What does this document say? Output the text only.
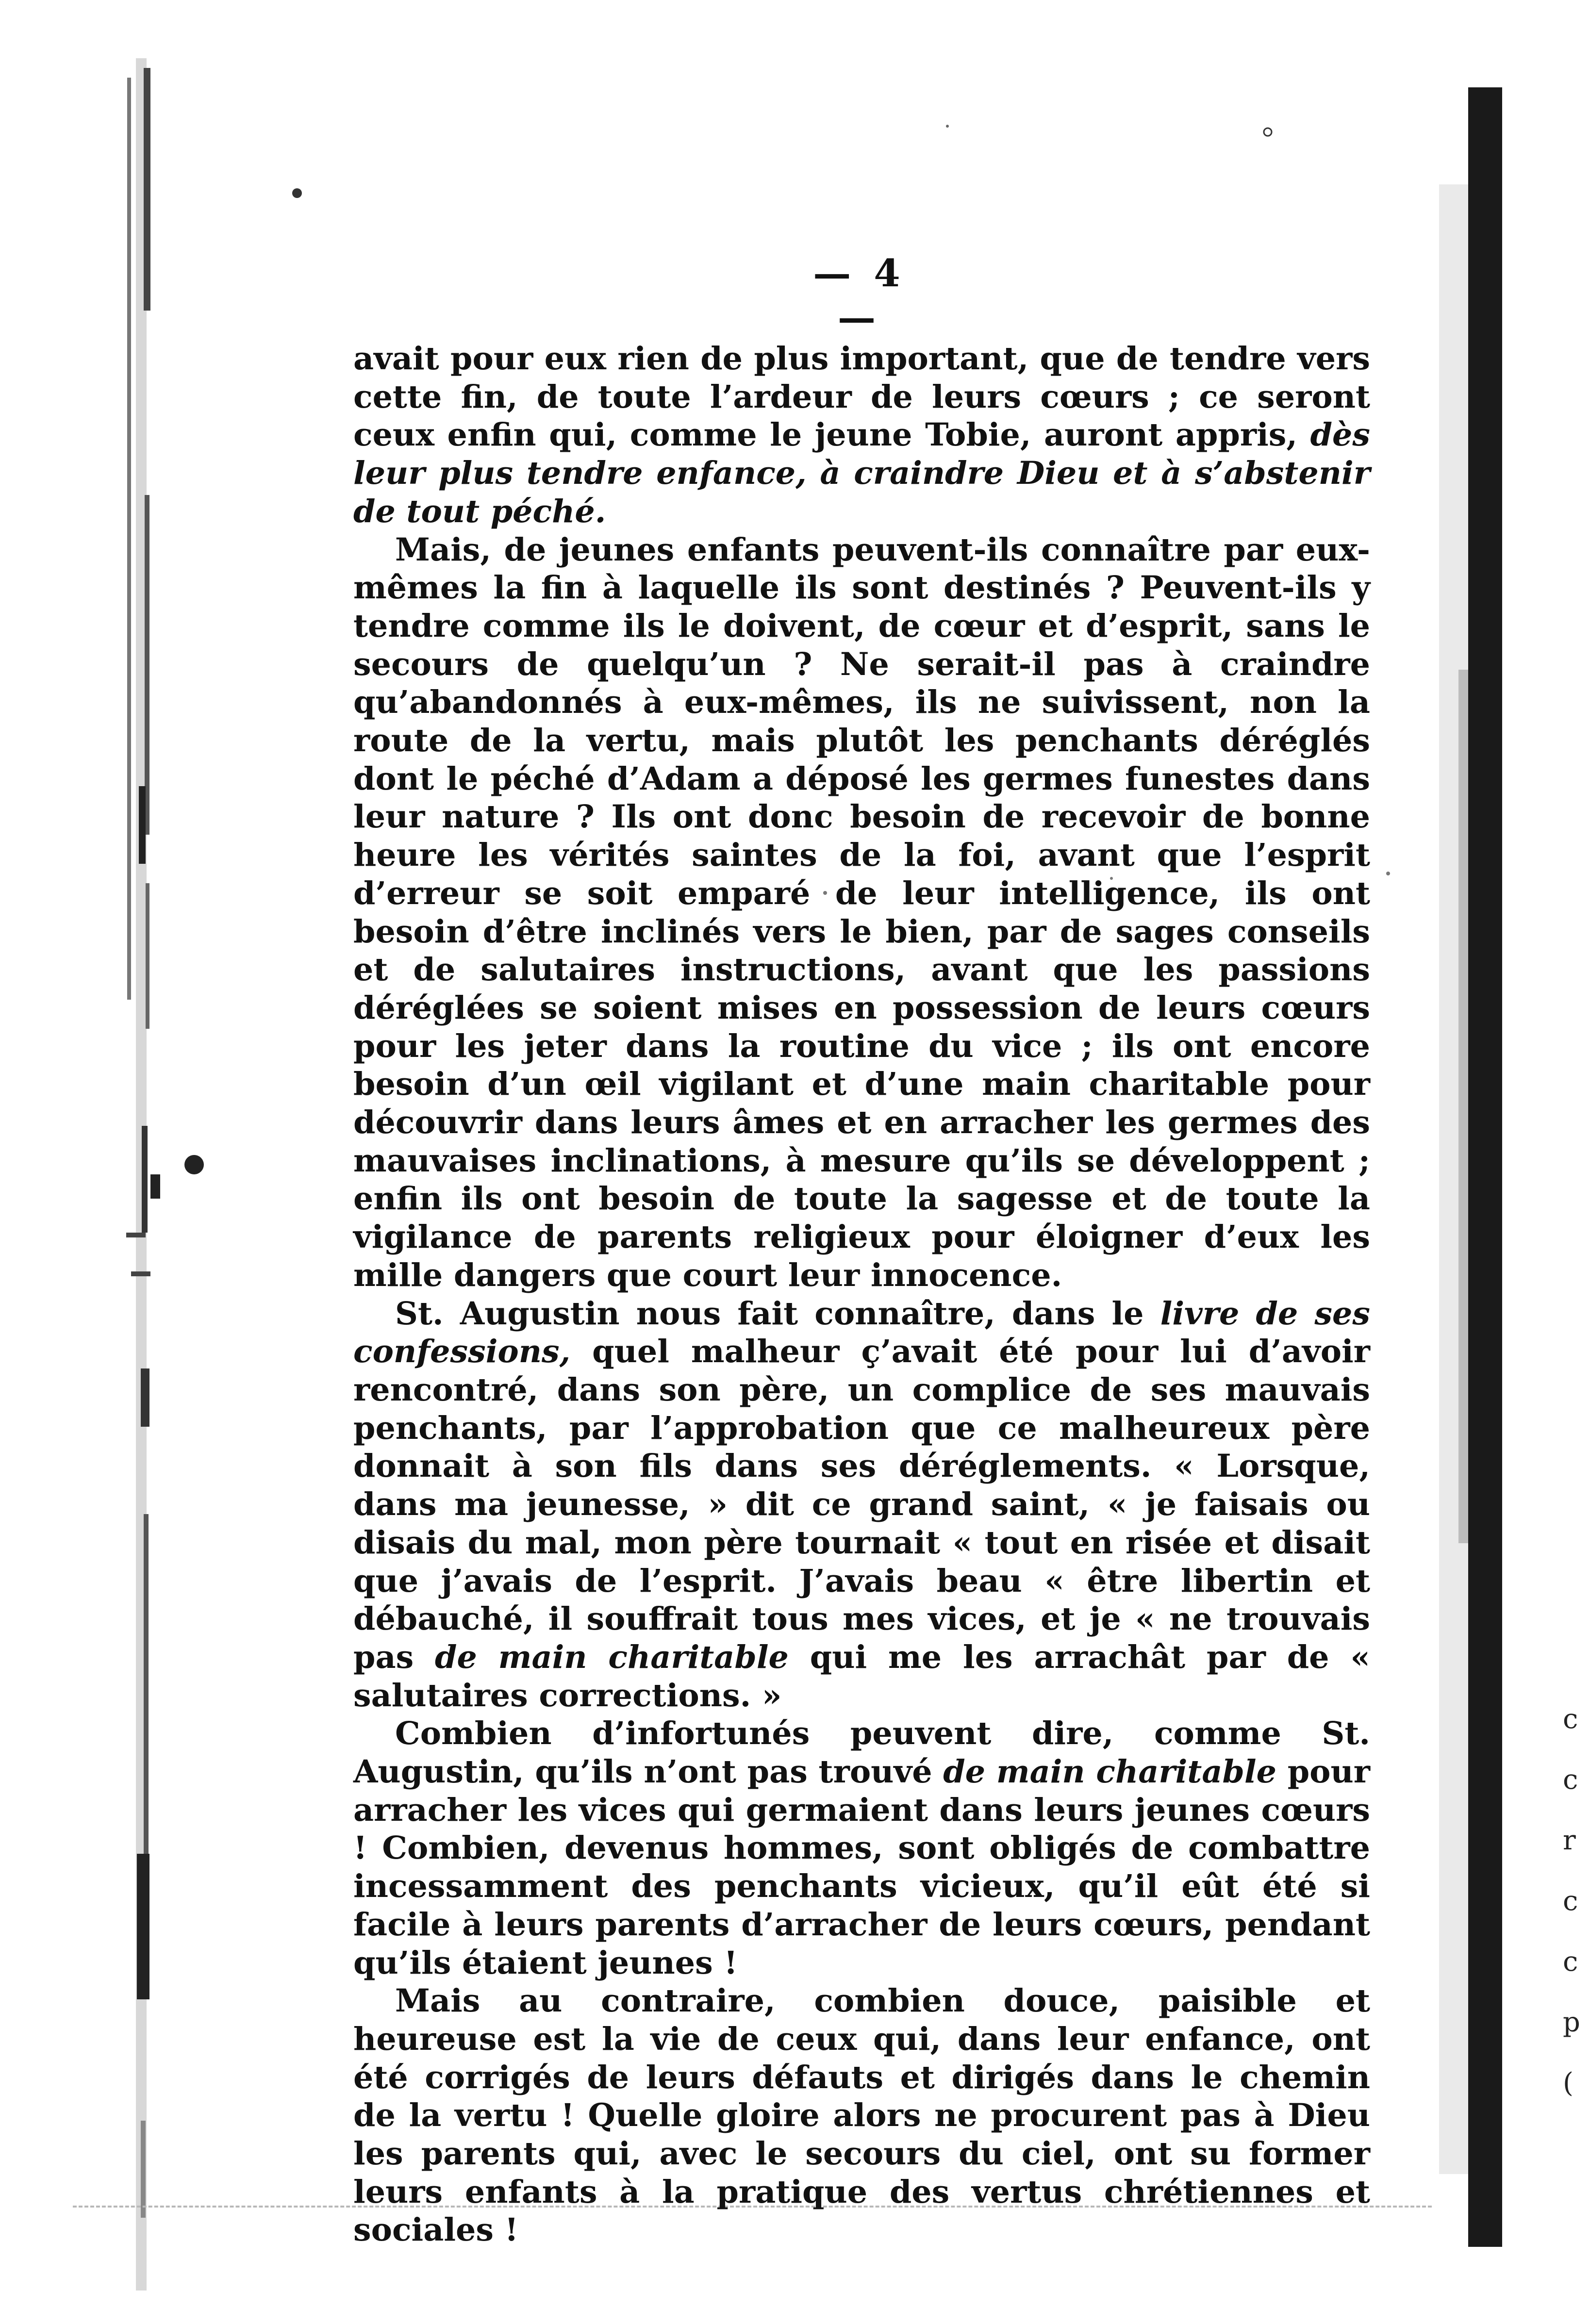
— 4 —

avait pour eux rien de plus important, que de tendre vers cette fin, de toute l’ardeur de leurs cœurs ; ce seront ceux enfin qui, comme le jeune Tobie, auront appris, dès leur plus tendre enfance, à craindre Dieu et à s’abstenir de tout péché.

Mais, de jeunes enfants peuvent-ils connaître par eux-mêmes la fin à laquelle ils sont destinés ? Peuvent-ils y tendre comme ils le doivent, de cœur et d’esprit, sans le secours de quelqu’un ? Ne serait-il pas à craindre qu’abandonnés à eux-mêmes, ils ne suivissent, non la route de la vertu, mais plutôt les penchants déréglés dont le péché d’Adam a déposé les germes funestes dans leur nature ? Ils ont donc besoin de recevoir de bonne heure les vérités saintes de la foi, avant que l’esprit d’erreur se soit emparé de leur intelligence, ils ont besoin d’être inclinés vers le bien, par de sages conseils et de salutaires instructions, avant que les passions déréglées se soient mises en possession de leurs cœurs pour les jeter dans la routine du vice ; ils ont encore besoin d’un œil vigilant et d’une main charitable pour découvrir dans leurs âmes et en arracher les germes des mauvaises inclinations, à mesure qu’ils se développent ; enfin ils ont besoin de toute la sagesse et de toute la vigilance de parents religieux pour éloigner d’eux les mille dangers que court leur innocence.

St. Augustin nous fait connaître, dans le livre de ses confessions, quel malheur ç’avait été pour lui d’avoir rencontré, dans son père, un complice de ses mauvais penchants, par l’approbation que ce malheureux père donnait à son fils dans ses déréglements. « Lorsque, dans ma jeunesse, » dit ce grand saint, « je faisais ou disais du mal, mon père tournait « tout en risée et disait que j’avais de l’esprit. J’avais beau « être libertin et débauché, il souffrait tous mes vices, et je « ne trouvais pas de main charitable qui me les arrachât par de « salutaires corrections. »

Combien d’infortunés peuvent dire, comme St. Augustin, qu’ils n’ont pas trouvé de main charitable pour arracher les vices qui germaient dans leurs jeunes cœurs ! Combien, devenus hommes, sont obligés de combattre incessamment des penchants vicieux, qu’il eût été si facile à leurs parents d’arracher de leurs cœurs, pendant qu’ils étaient jeunes !

Mais au contraire, combien douce, paisible et heureuse est la vie de ceux qui, dans leur enfance, ont été corrigés de leurs défauts et dirigés dans le chemin de la vertu ! Quelle gloire alors ne procurent pas à Dieu les parents qui, avec le secours du ciel, ont su former leurs enfants à la pratique des vertus chrétiennes et sociales !

c
c
r
c
c
p
(
